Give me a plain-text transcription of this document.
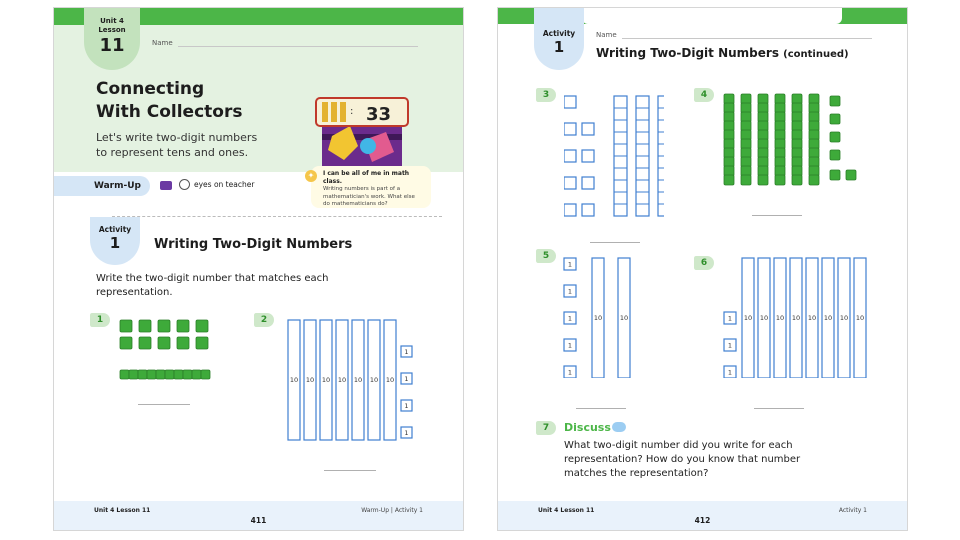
Unit 4
Lesson
11	Name
Connecting
With Collectors
Let's write two-digit numbers
to represent tens and ones.
: 33
Warm-Up	eyes on teacher
✦	I can be all of me in math class.
Writing numbers is part of a
mathematician's work. What else
do mathematicians do?
Activity
1	Writing Two-Digit Numbers
Write the two-digit number that matches each
representation.
1	2
10 10 10 10 10 10 10
1
1
1
1
Unit 4 Lesson 11	Warm-Up | Activity 1
411
Activity
1
Name
Writing Two-Digit Numbers (continued)
3	4
5
1
1
1
1
1
10	10
6
1
1
1
10 10 10 10 10 10 10 10
7	Discuss
What two-digit number did you write for each
representation? How do you know that number
matches the representation?
Unit 4 Lesson 11	Activity 1
412
